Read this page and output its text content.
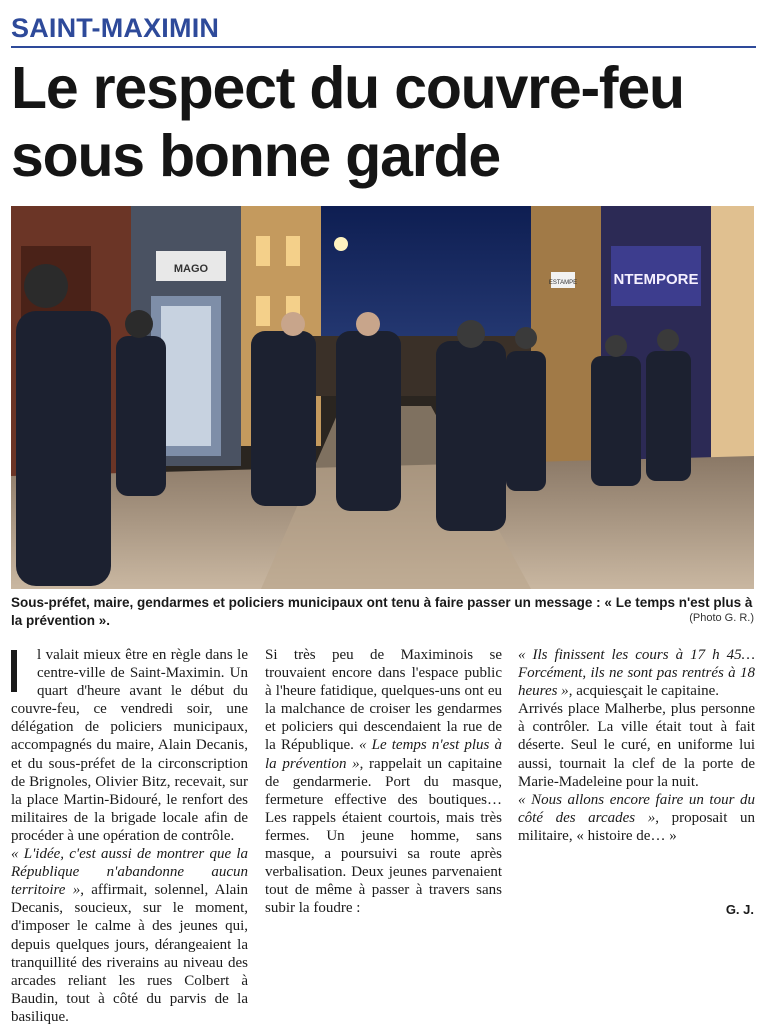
SAINT-MAXIMIN
Le respect du couvre-feu sous bonne garde
MAGO
NTEMPORE
ESTAMPE

Sous-préfet, maire, gendarmes et policiers municipaux ont tenu à faire passer un message : « Le temps n'est plus à la prévention ».	(Photo G. R.)

l valait mieux être en règle dans le centre-ville de Saint-Maximin. Un quart d'heure avant le début du couvre-feu, ce vendredi soir, une délégation de policiers municipaux, accompagnés du maire, Alain Decanis, et du sous-préfet de la circonscription de Brignoles, Olivier Bitz, recevait, sur la place Martin-Bidouré, le renfort des militaires de la brigade locale afin de procéder à une opération de contrôle.

« L'idée, c'est aussi de montrer que la République n'abandonne aucun territoire », affirmait, solennel, Alain Decanis, soucieux, sur le moment, d'imposer le calme à des jeunes qui, depuis quelques jours, dérangeaient la tranquillité des riverains au niveau des arcades reliant les rues Colbert à Baudin, tout à côté du parvis de la basilique.

Si très peu de Maximinois se trouvaient encore dans l'espace public à l'heure fatidique, quelques-uns ont eu la malchance de croiser les gendarmes et policiers qui descendaient la rue de la République. « Le temps n'est plus à la prévention », rappelait un capitaine de gendarmerie. Port du masque, fermeture effective des boutiques… Les rappels étaient courtois, mais très fermes. Un jeune homme, sans masque, a poursuivi sa route après verbalisation. Deux jeunes parvenaient tout de même à passer à travers sans subir la foudre :

« Ils finissent les cours à 17 h 45… Forcément, ils ne sont pas rentrés à 18 heures », acquiesçait le capitaine.

Arrivés place Malherbe, plus personne à contrôler. La ville était tout à fait déserte. Seul le curé, en uniforme lui aussi, tournait la clef de la porte de Marie-Madeleine pour la nuit.

« Nous allons encore faire un tour du côté des arcades », proposait un militaire, « histoire de… »

G. J.
